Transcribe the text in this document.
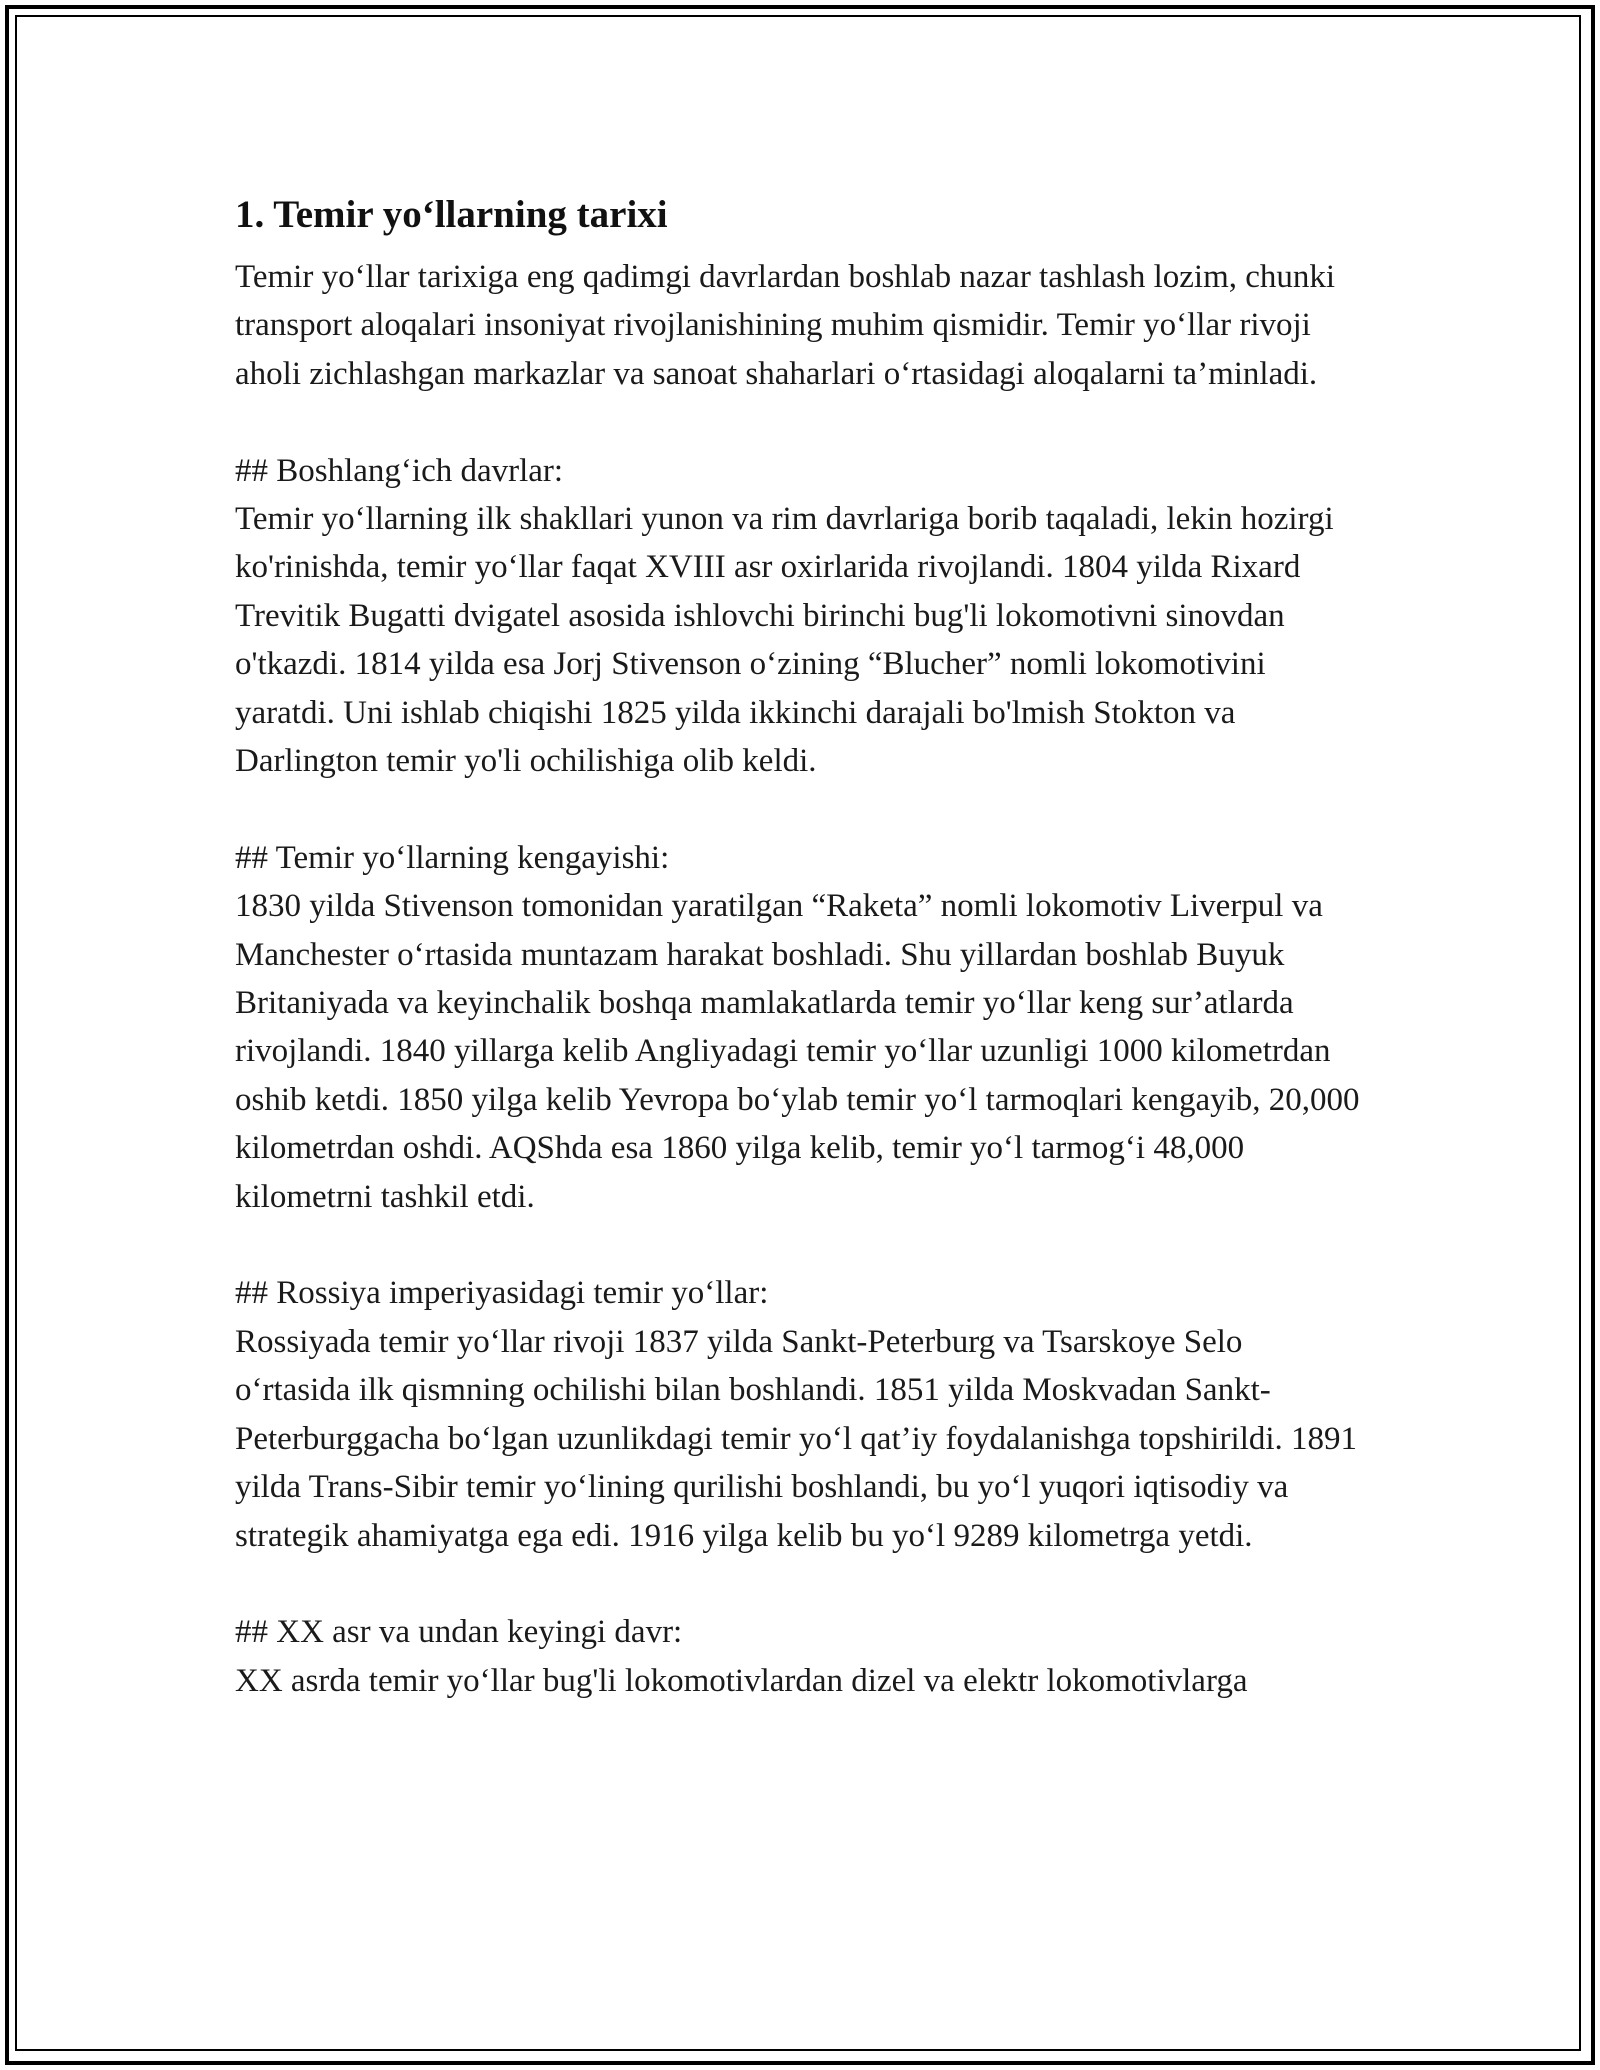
1. Temir yo‘llarning tarixi

Temir yo‘llar tarixiga eng qadimgi davrlardan boshlab nazar tashlash lozim, chunki transport aloqalari insoniyat rivojlanishining muhim qismidir. Temir yo‘llar rivoji aholi zichlashgan markazlar va sanoat shaharlari o‘rtasidagi aloqalarni ta’minladi.

## Boshlang‘ich davrlar:
Temir yo‘llarning ilk shakllari yunon va rim davrlariga borib taqaladi, lekin hozirgi ko'rinishda, temir yo‘llar faqat XVIII asr oxirlarida rivojlandi. 1804 yilda Rixard Trevitik Bugatti dvigatel asosida ishlovchi birinchi bug'li lokomotivni sinovdan o'tkazdi. 1814 yilda esa Jorj Stivenson o‘zining “Blucher” nomli lokomotivini yaratdi. Uni ishlab chiqishi 1825 yilda ikkinchi darajali bo'lmish Stokton va Darlington temir yo'li ochilishiga olib keldi.

## Temir yo‘llarning kengayishi:
1830 yilda Stivenson tomonidan yaratilgan “Raketa” nomli lokomotiv Liverpul va Manchester o‘rtasida muntazam harakat boshladi. Shu yillardan boshlab Buyuk Britaniyada va keyinchalik boshqa mamlakatlarda temir yo‘llar keng sur’atlarda rivojlandi. 1840 yillarga kelib Angliyadagi temir yo‘llar uzunligi 1000 kilometrdan oshib ketdi. 1850 yilga kelib Yevropa bo‘ylab temir yo‘l tarmoqlari kengayib, 20,000 kilometrdan oshdi. AQShda esa 1860 yilga kelib, temir yo‘l tarmog‘i 48,000 kilometrni tashkil etdi.

## Rossiya imperiyasidagi temir yo‘llar:
Rossiyada temir yo‘llar rivoji 1837 yilda Sankt-Peterburg va Tsarskoye Selo o‘rtasida ilk qismning ochilishi bilan boshlandi. 1851 yilda Moskvadan Sankt-Peterburggacha bo‘lgan uzunlikdagi temir yo‘l qat’iy foydalanishga topshirildi. 1891 yilda Trans-Sibir temir yo‘lining qurilishi boshlandi, bu yo‘l yuqori iqtisodiy va strategik ahamiyatga ega edi. 1916 yilga kelib bu yo‘l 9289 kilometrga yetdi.

## XX asr va undan keyingi davr:
XX asrda temir yo‘llar bug'li lokomotivlardan dizel va elektr lokomotivlarga
